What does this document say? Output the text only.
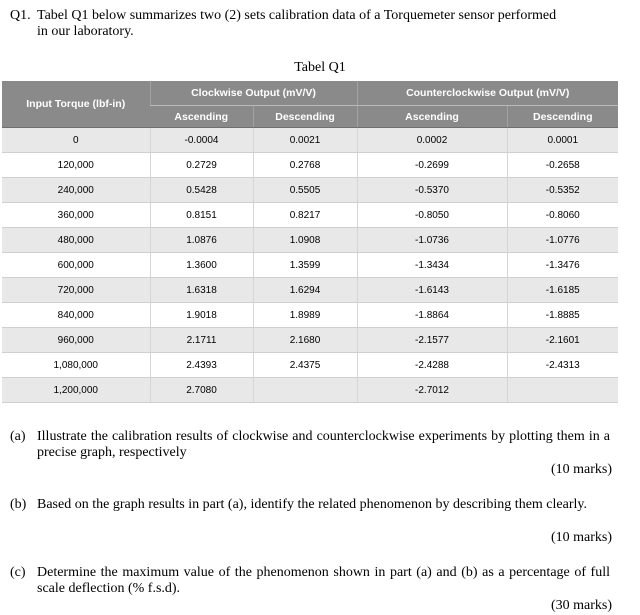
Q1. Tabel Q1 below summarizes two (2) sets calibration data of a Torquemeter sensor performed
in our laboratory.
Tabel Q1
Input Torque (lbf-in)	Clockwise Output (mV/V)		Counterclockwise Output (mV/V)	
	Ascending	Descending	Ascending	Descending
0	-0.0004	0.0021	0.0002	0.0001
120,000	0.2729	0.2768	-0.2699	-0.2658
240,000	0.5428	0.5505	-0.5370	-0.5352
360,000	0.8151	0.8217	-0.8050	-0.8060
480,000	1.0876	1.0908	-1.0736	-1.0776
600,000	1.3600	1.3599	-1.3434	-1.3476
720,000	1.6318	1.6294	-1.6143	-1.6185
840,000	1.9018	1.8989	-1.8864	-1.8885
960,000	2.1711	2.1680	-2.1577	-2.1601
1,080,000	2.4393	2.4375	-2.4288	-2.4313
1,200,000	2.7080		-2.7012	
(a) Illustrate the calibration results of clockwise and counterclockwise experiments by plotting them in a precise graph, respectively
(10 marks)
(b) Based on the graph results in part (a), identify the related phenomenon by describing them clearly.
(10 marks)
(c) Determine the maximum value of the phenomenon shown in part (a) and (b) as a percentage of full scale deflection (% f.s.d).
(30 marks)
